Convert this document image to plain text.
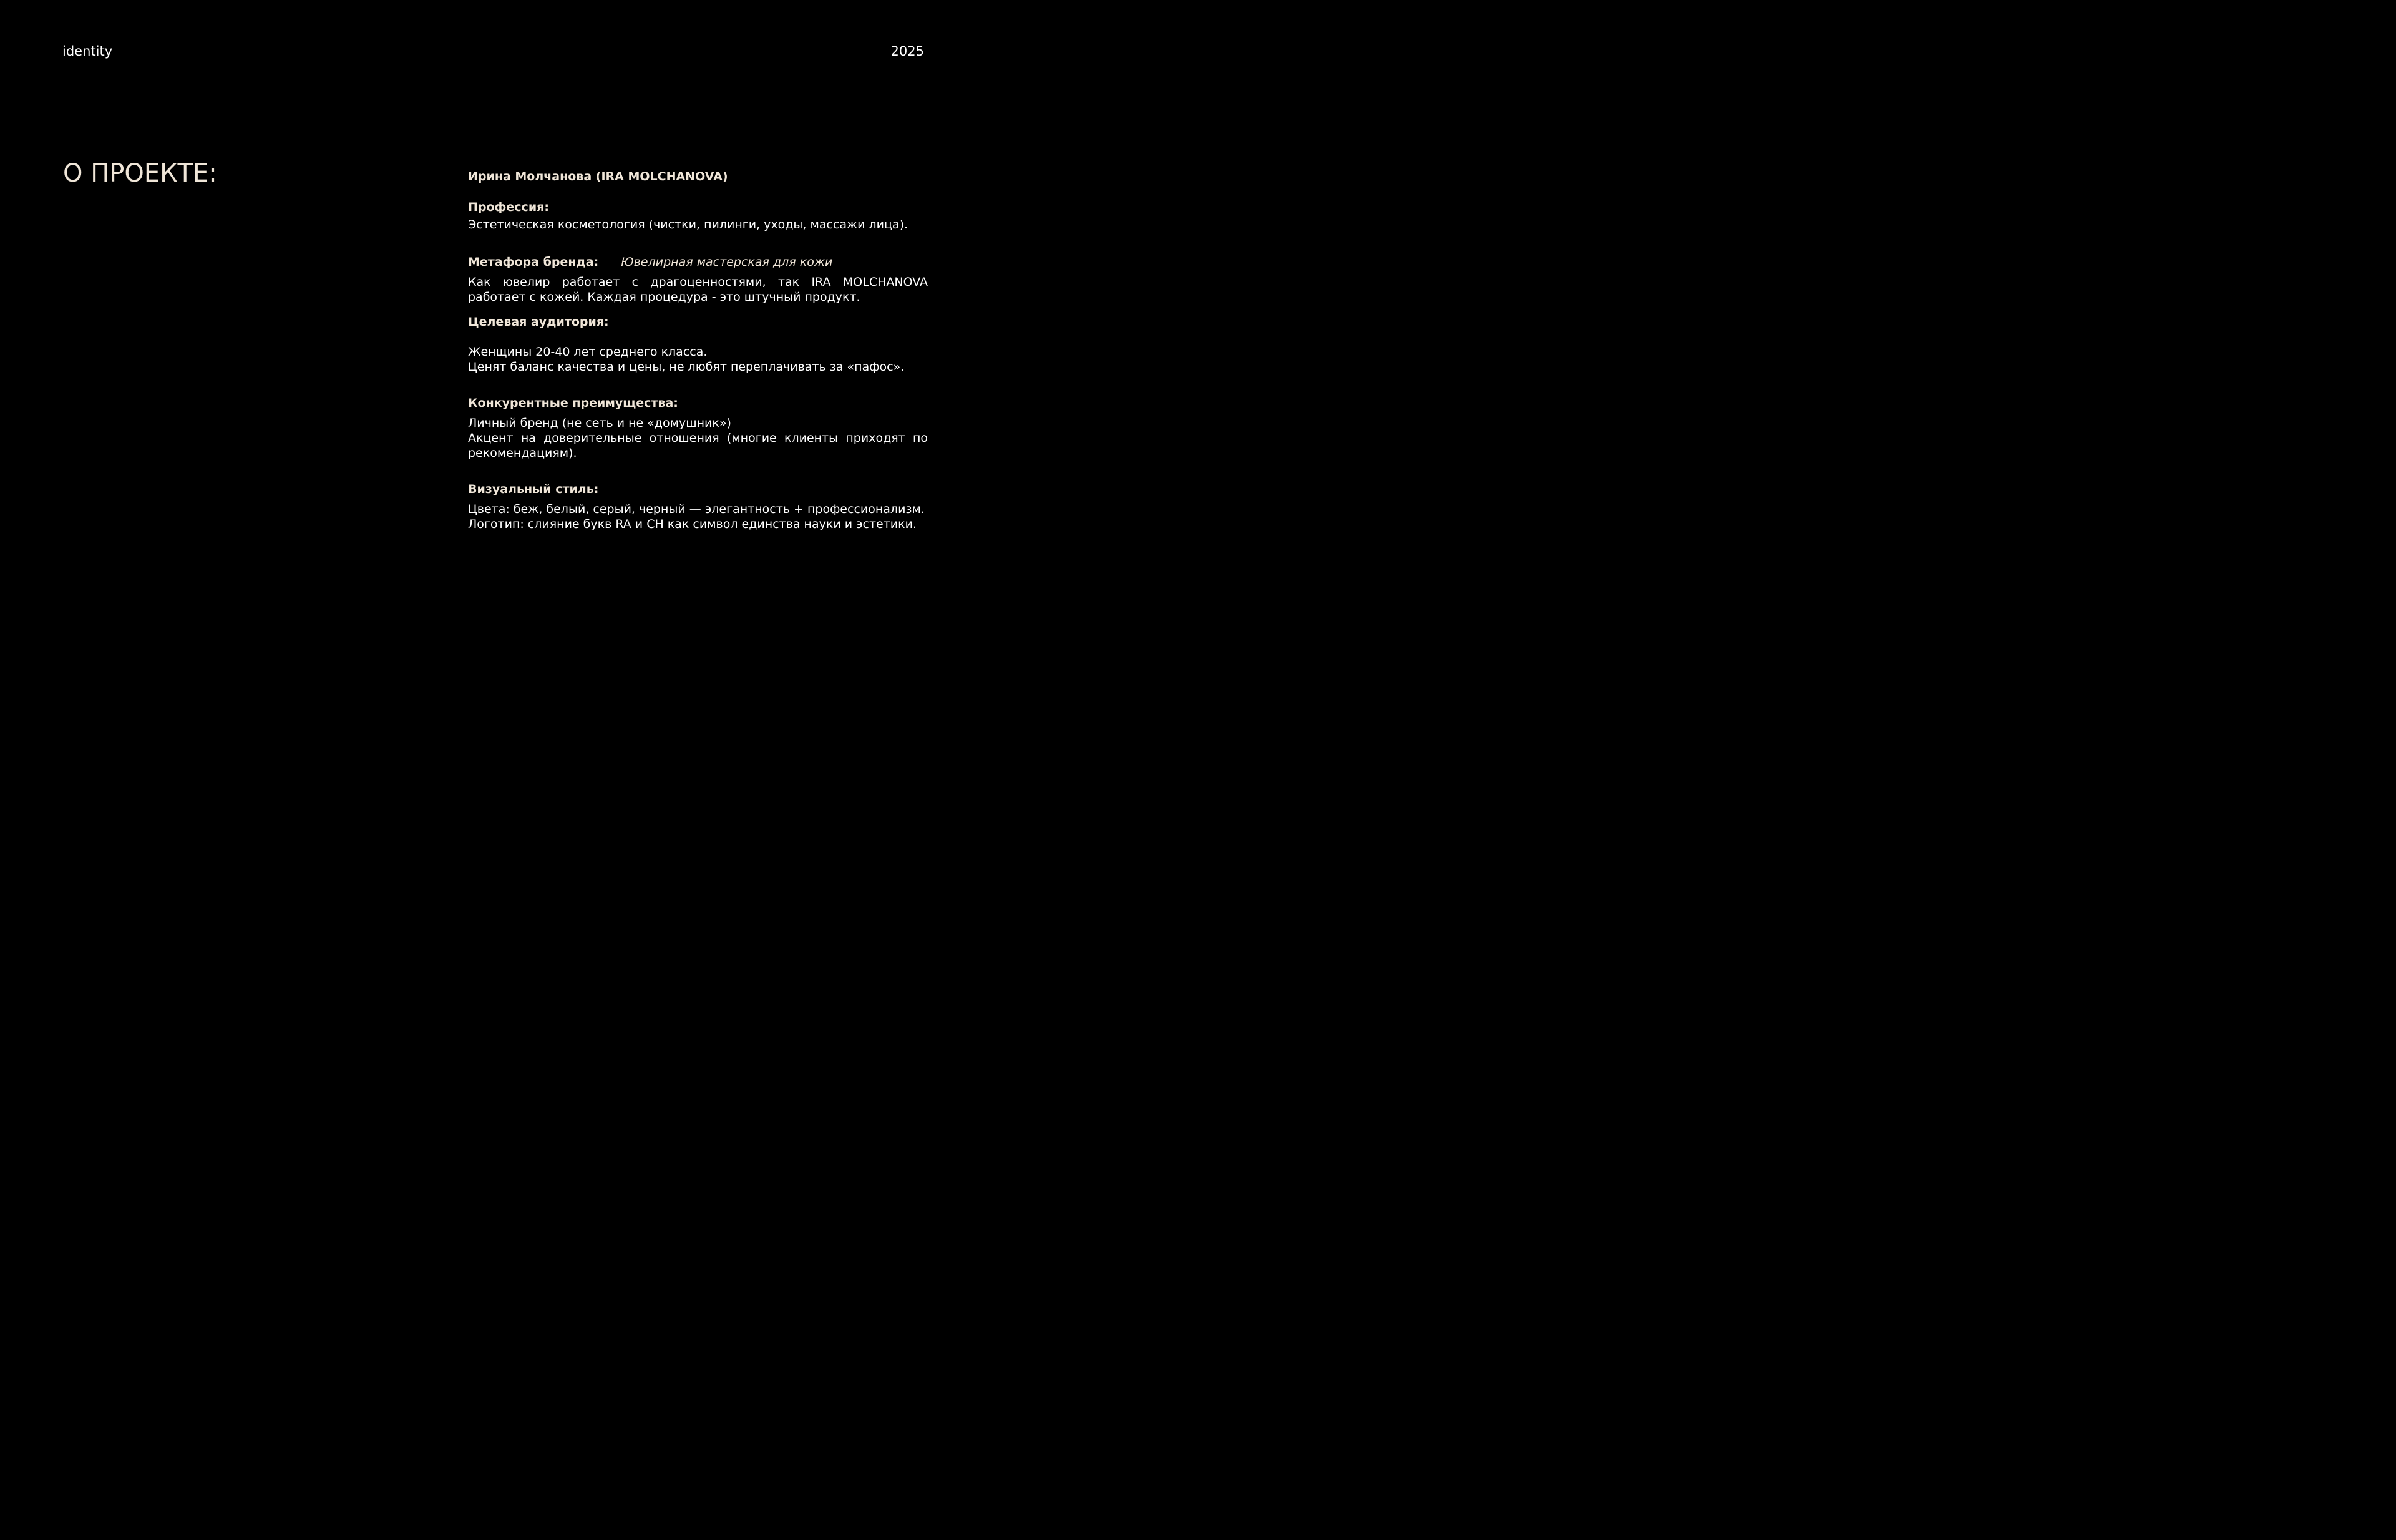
identity	2025
О ПРОЕКТЕ:	Ирина Молчанова (IRA MOLCHANOVA)

Профессия:

Эстетическая косметология (чистки, пилинги, уходы, массажи лица).

Метафора бренда: Ювелирная мастерская для кожи

Как ювелир работает с драгоценностями, так IRA MOLCHANOVA работает с кожей. Каждая процедура - это штучный продукт.

Целевая аудитория:

Женщины 20-40 лет среднего класса.

Ценят баланс качества и цены, не любят переплачивать за «пафос».

Конкурентные преимущества:

Личный бренд (не сеть и не «домушник»)

Акцент на доверительные отношения (многие клиенты приходят по рекомендациям).

Визуальный стиль:

Цвета: беж, белый, серый, черный — элегантность + профессионализм.

Логотип: слияние букв RA и CH как символ единства науки и эстетики.
